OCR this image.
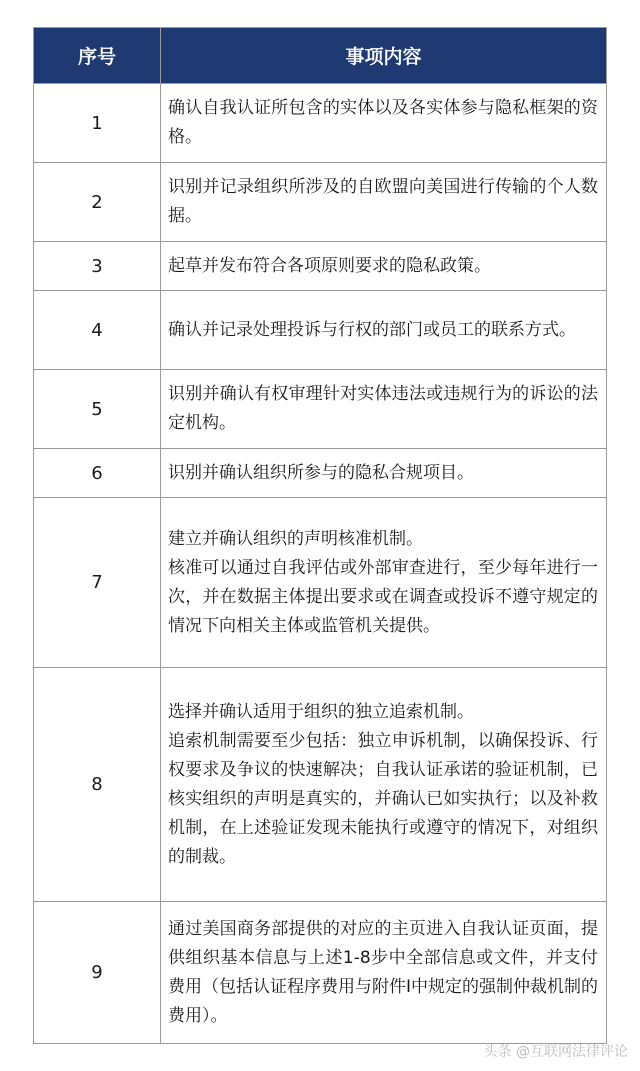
序号	事项内容
1	确认自我认证所包含的实体以及各实体参与隐私框架的资格。

2	识别并记录组织所涉及的自欧盟向美国进行传输的个人数据。

3	起草并发布符合各项原则要求的隐私政策。

4	确认并记录处理投诉与行权的部门或员工的联系方式。

5	识别并确认有权审理针对实体违法或违规行为的诉讼的法定机构。

6	识别并确认组织所参与的隐私合规项目。

7	建立并确认组织的声明核准机制。
核准可以通过自我评估或外部审查进行，至少每年进行一次，并在数据主体提出要求或在调查或投诉不遵守规定的情况下向相关主体或监管机关提供。

8	选择并确认适用于组织的独立追索机制。
追索机制需要至少包括：独立申诉机制，以确保投诉、行权要求及争议的快速解决；自我认证承诺的验证机制，已核实组织的声明是真实的，并确认已如实执行；以及补救机制，在上述验证发现未能执行或遵守的情况下，对组织的制裁。

9	通过美国商务部提供的对应的主页进入自我认证页面，提供组织基本信息与上述1-8步中全部信息或文件，并支付费用（包括认证程序费用与附件I中规定的强制仲裁机制的费用）。
头条 @互联网法律评论
